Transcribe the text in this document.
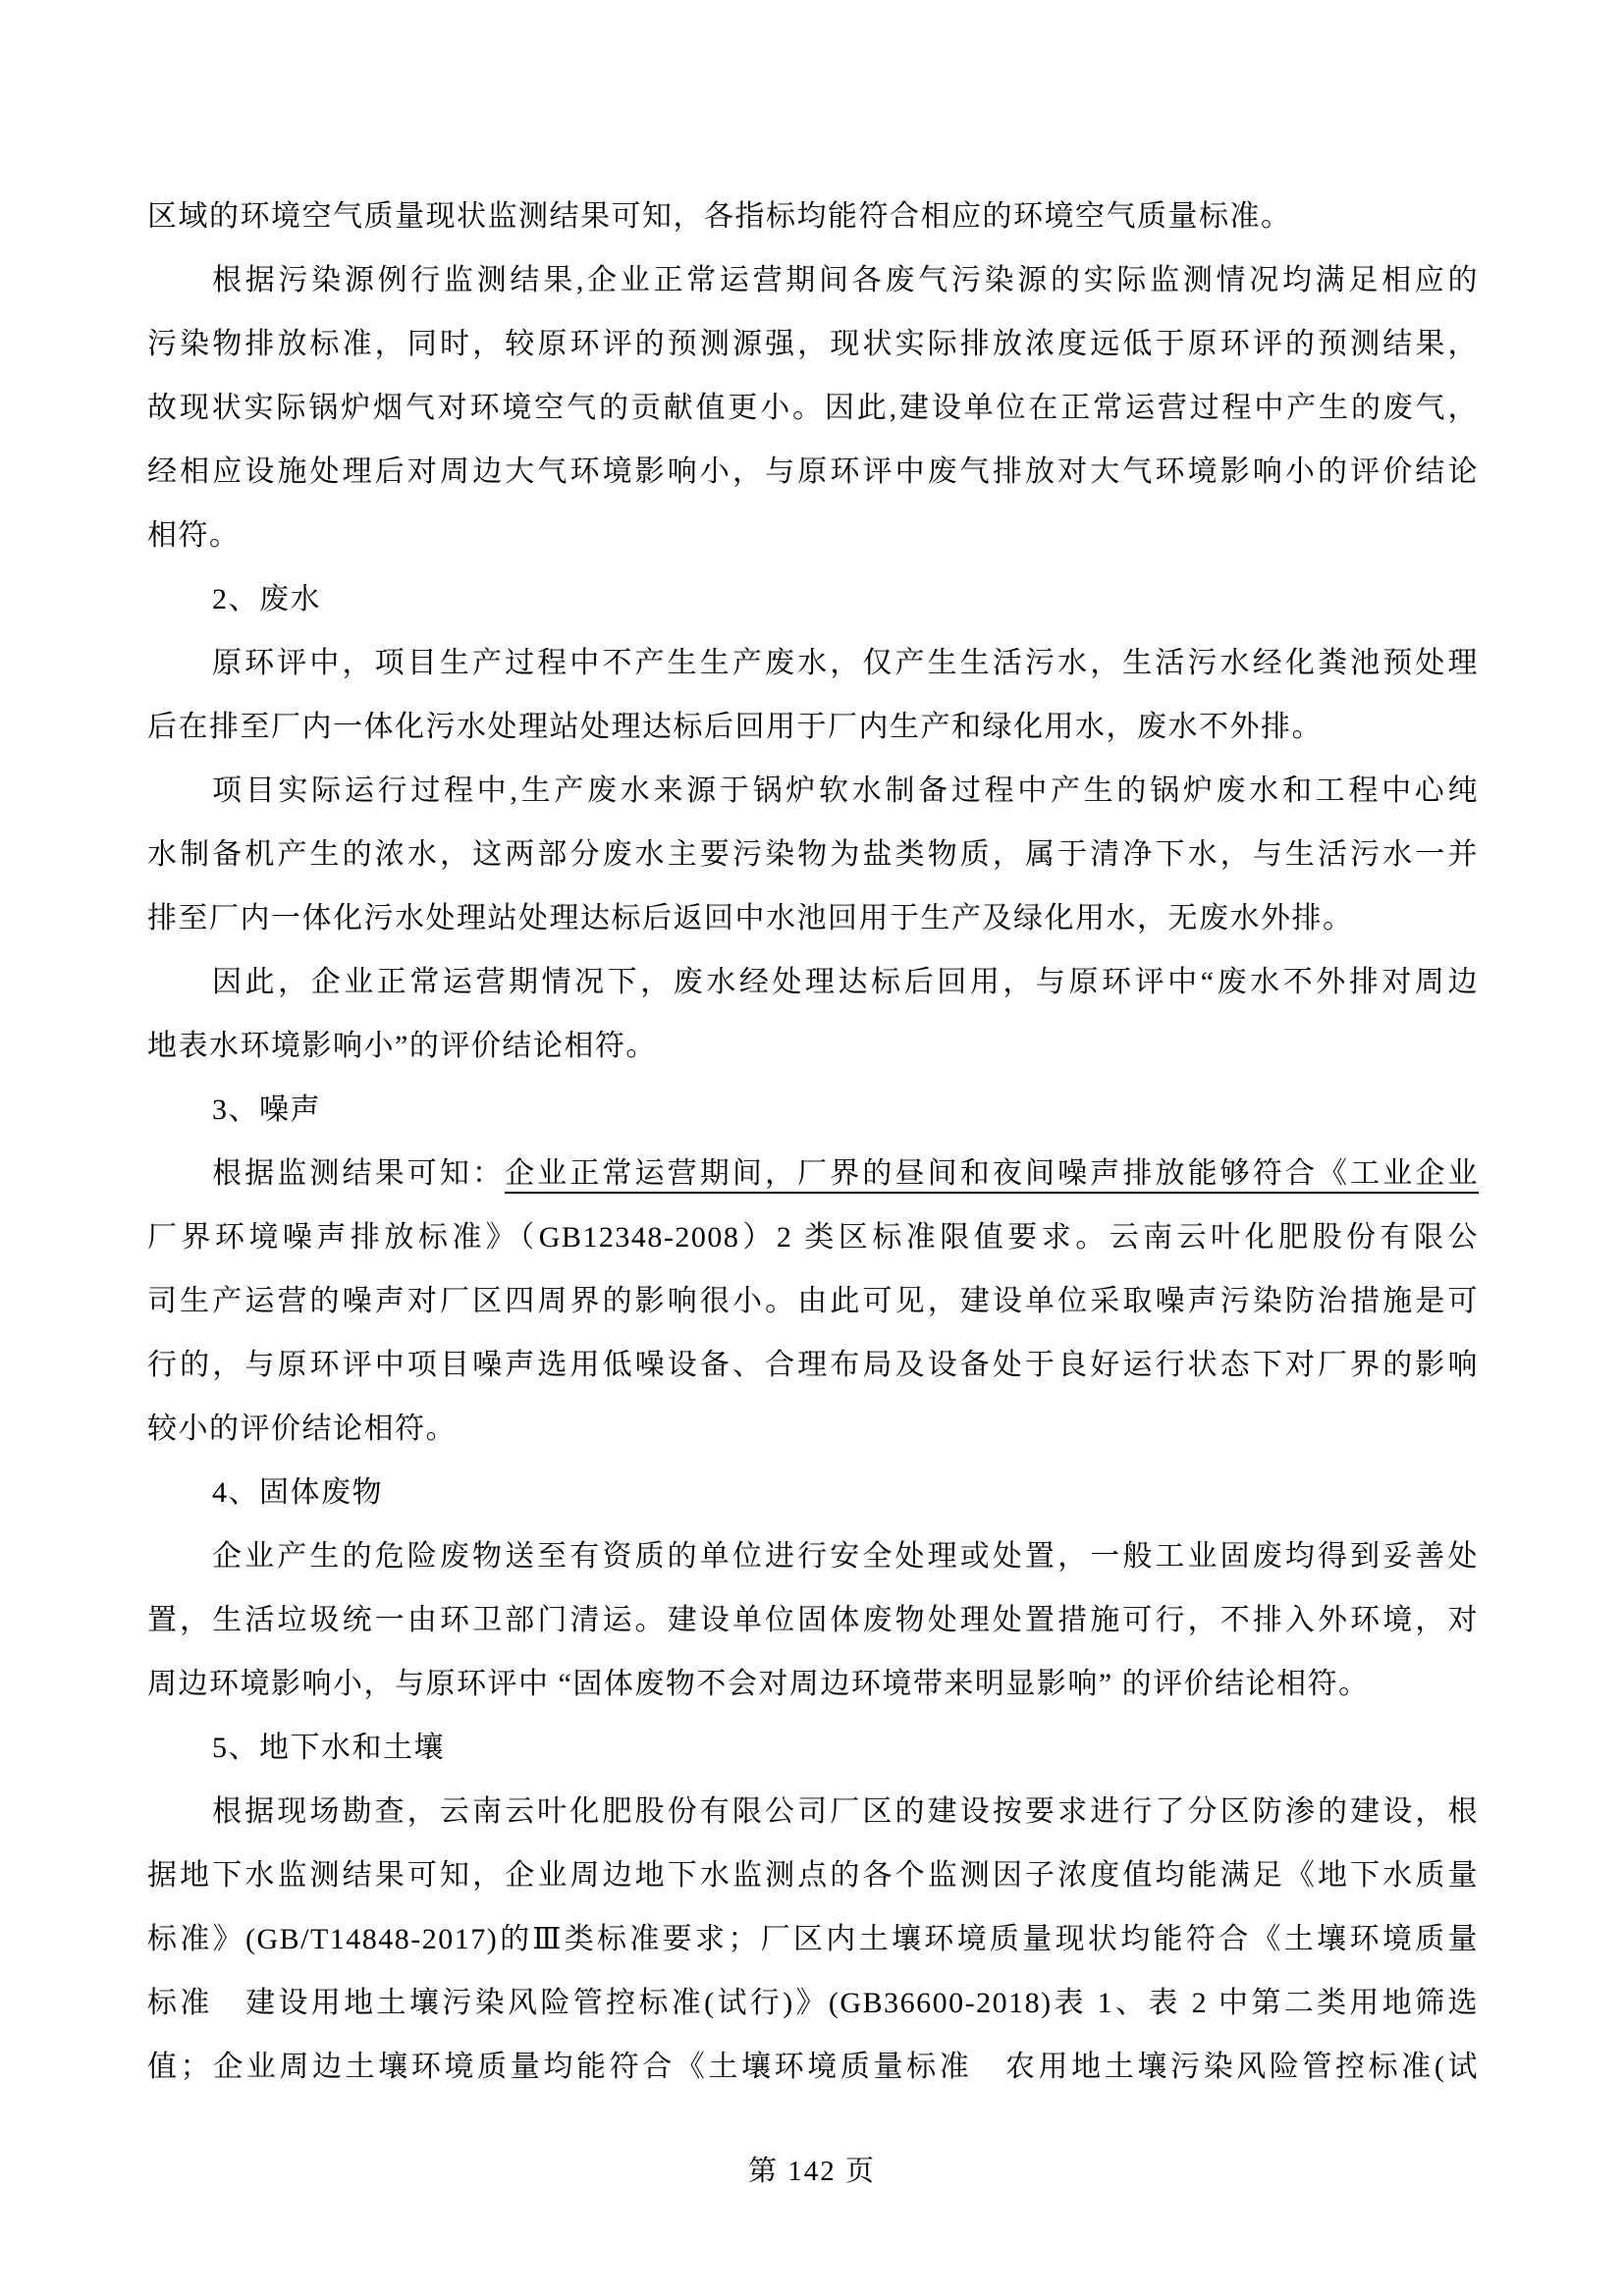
区域的环境空气质量现状监测结果可知，各指标均能符合相应的环境空气质量标准。
根据污染源例行监测结果,企业正常运营期间各废气污染源的实际监测情况均满足相应的
污染物排放标准，同时，较原环评的预测源强，现状实际排放浓度远低于原环评的预测结果，
故现状实际锅炉烟气对环境空气的贡献值更小。因此,建设单位在正常运营过程中产生的废气，
经相应设施处理后对周边大气环境影响小，与原环评中废气排放对大气环境影响小的评价结论
相符。
2、废水
原环评中，项目生产过程中不产生生产废水，仅产生生活污水，生活污水经化粪池预处理
后在排至厂内一体化污水处理站处理达标后回用于厂内生产和绿化用水，废水不外排。
项目实际运行过程中,生产废水来源于锅炉软水制备过程中产生的锅炉废水和工程中心纯
水制备机产生的浓水，这两部分废水主要污染物为盐类物质，属于清净下水，与生活污水一并
排至厂内一体化污水处理站处理达标后返回中水池回用于生产及绿化用水，无废水外排。
因此，企业正常运营期情况下，废水经处理达标后回用，与原环评中“废水不外排对周边
地表水环境影响小”的评价结论相符。
3、噪声
根据监测结果可知：企业正常运营期间，厂界的昼间和夜间噪声排放能够符合《工业企业
厂界环境噪声排放标准》（GB12348-2008）2 类区标准限值要求。云南云叶化肥股份有限公
司生产运营的噪声对厂区四周界的影响很小。由此可见，建设单位采取噪声污染防治措施是可
行的，与原环评中项目噪声选用低噪设备、合理布局及设备处于良好运行状态下对厂界的影响
较小的评价结论相符。
4、固体废物
企业产生的危险废物送至有资质的单位进行安全处理或处置，一般工业固废均得到妥善处
置，生活垃圾统一由环卫部门清运。建设单位固体废物处理处置措施可行，不排入外环境，对
周边环境影响小，与原环评中 “固体废物不会对周边环境带来明显影响” 的评价结论相符。
5、地下水和土壤
根据现场勘查，云南云叶化肥股份有限公司厂区的建设按要求进行了分区防渗的建设，根
据地下水监测结果可知，企业周边地下水监测点的各个监测因子浓度值均能满足《地下水质量
标准》(GB/T14848-2017)的Ⅲ类标准要求；厂区内土壤环境质量现状均能符合《土壤环境质量
标准　建设用地土壤污染风险管控标准(试行)》(GB36600-2018)表 1、表 2 中第二类用地筛选
值；企业周边土壤环境质量均能符合《土壤环境质量标准　农用地土壤污染风险管控标准(试
第 142 页
